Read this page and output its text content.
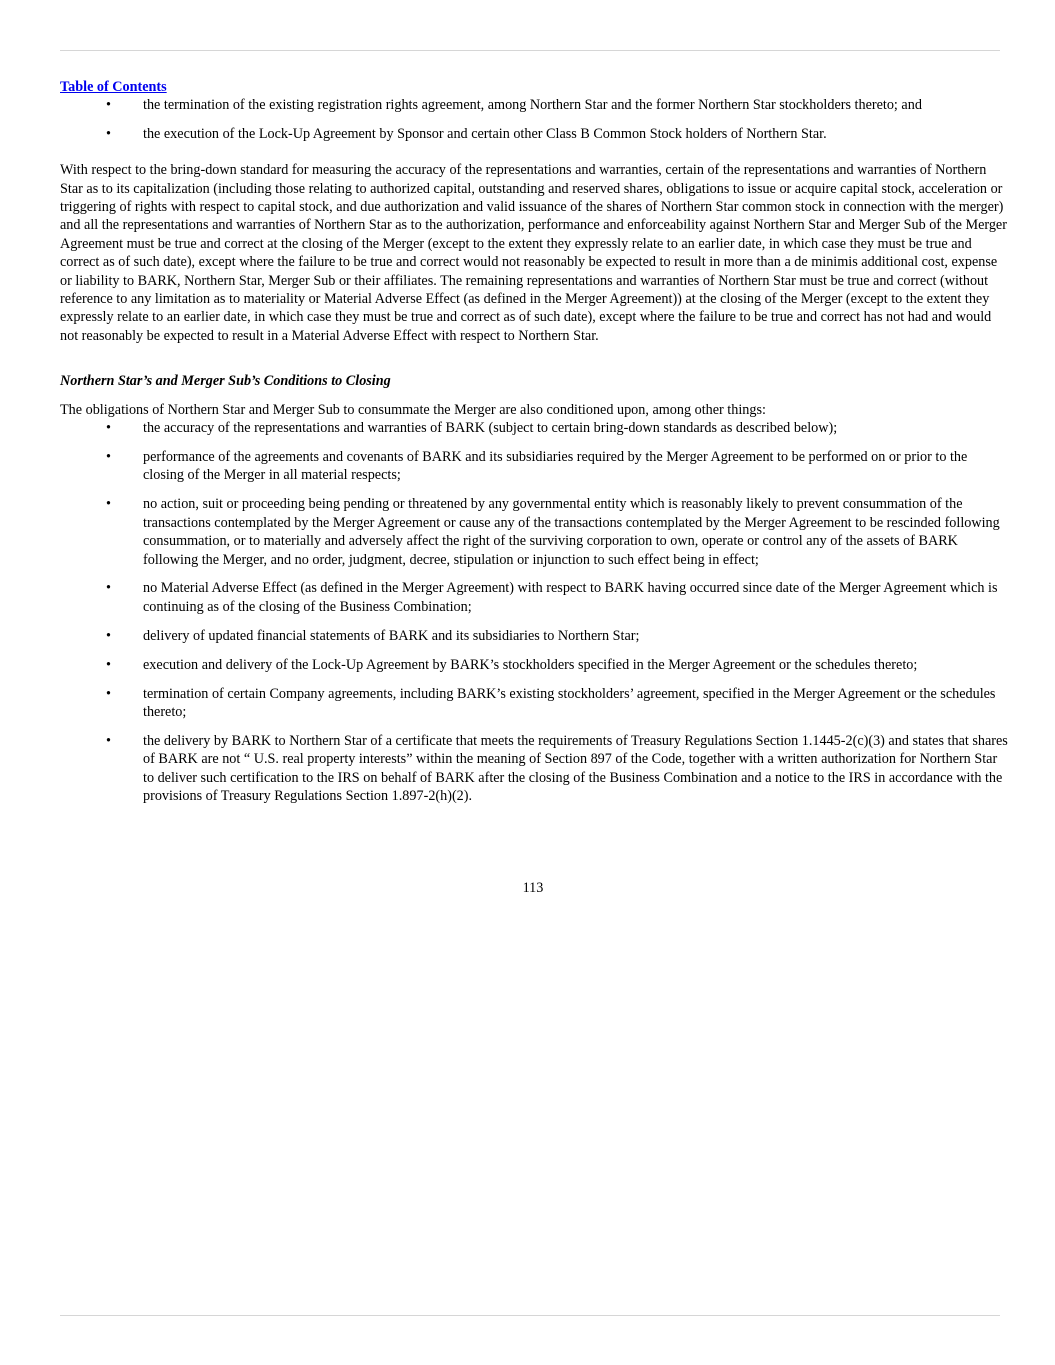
Table of Contents
• the termination of the existing registration rights agreement, among Northern Star and the former Northern Star stockholders thereto; and
• the execution of the Lock-Up Agreement by Sponsor and certain other Class B Common Stock holders of Northern Star.

With respect to the bring-down standard for measuring the accuracy of the representations and warranties, certain of the representations and warranties of Northern Star as to its capitalization (including those relating to authorized capital, outstanding and reserved shares, obligations to issue or acquire capital stock, acceleration or triggering of rights with respect to capital stock, and due authorization and valid issuance of the shares of Northern Star common stock in connection with the merger) and all the representations and warranties of Northern Star as to the authorization, performance and enforceability against Northern Star and Merger Sub of the Merger Agreement must be true and correct at the closing of the Merger (except to the extent they expressly relate to an earlier date, in which case they must be true and correct as of such date), except where the failure to be true and correct would not reasonably be expected to result in more than a de minimis additional cost, expense or liability to BARK, Northern Star, Merger Sub or their affiliates. The remaining representations and warranties of Northern Star must be true and correct (without reference to any limitation as to materiality or Material Adverse Effect (as defined in the Merger Agreement)) at the closing of the Merger (except to the extent they expressly relate to an earlier date, in which case they must be true and correct as of such date), except where the failure to be true and correct has not had and would not reasonably be expected to result in a Material Adverse Effect with respect to Northern Star.

Northern Star’s and Merger Sub’s Conditions to Closing

The obligations of Northern Star and Merger Sub to consummate the Merger are also conditioned upon, among other things:

• the accuracy of the representations and warranties of BARK (subject to certain bring-down standards as described below);
• performance of the agreements and covenants of BARK and its subsidiaries required by the Merger Agreement to be performed on or prior to the closing of the Merger in all material respects;
• no action, suit or proceeding being pending or threatened by any governmental entity which is reasonably likely to prevent consummation of the transactions contemplated by the Merger Agreement or cause any of the transactions contemplated by the Merger Agreement to be rescinded following consummation, or to materially and adversely affect the right of the surviving corporation to own, operate or control any of the assets of BARK following the Merger, and no order, judgment, decree, stipulation or injunction to such effect being in effect;
• no Material Adverse Effect (as defined in the Merger Agreement) with respect to BARK having occurred since date of the Merger Agreement which is continuing as of the closing of the Business Combination;
• delivery of updated financial statements of BARK and its subsidiaries to Northern Star;
• execution and delivery of the Lock-Up Agreement by BARK’s stockholders specified in the Merger Agreement or the schedules thereto;
• termination of certain Company agreements, including BARK’s existing stockholders’ agreement, specified in the Merger Agreement or the schedules thereto;
• the delivery by BARK to Northern Star of a certificate that meets the requirements of Treasury Regulations Section 1.1445-2(c)(3) and states that shares of BARK are not “ U.S. real property interests” within the meaning of Section 897 of the Code, together with a written authorization for Northern Star to deliver such certification to the IRS on behalf of BARK after the closing of the Business Combination and a notice to the IRS in accordance with the provisions of Treasury Regulations Section 1.897-2(h)(2).
113
